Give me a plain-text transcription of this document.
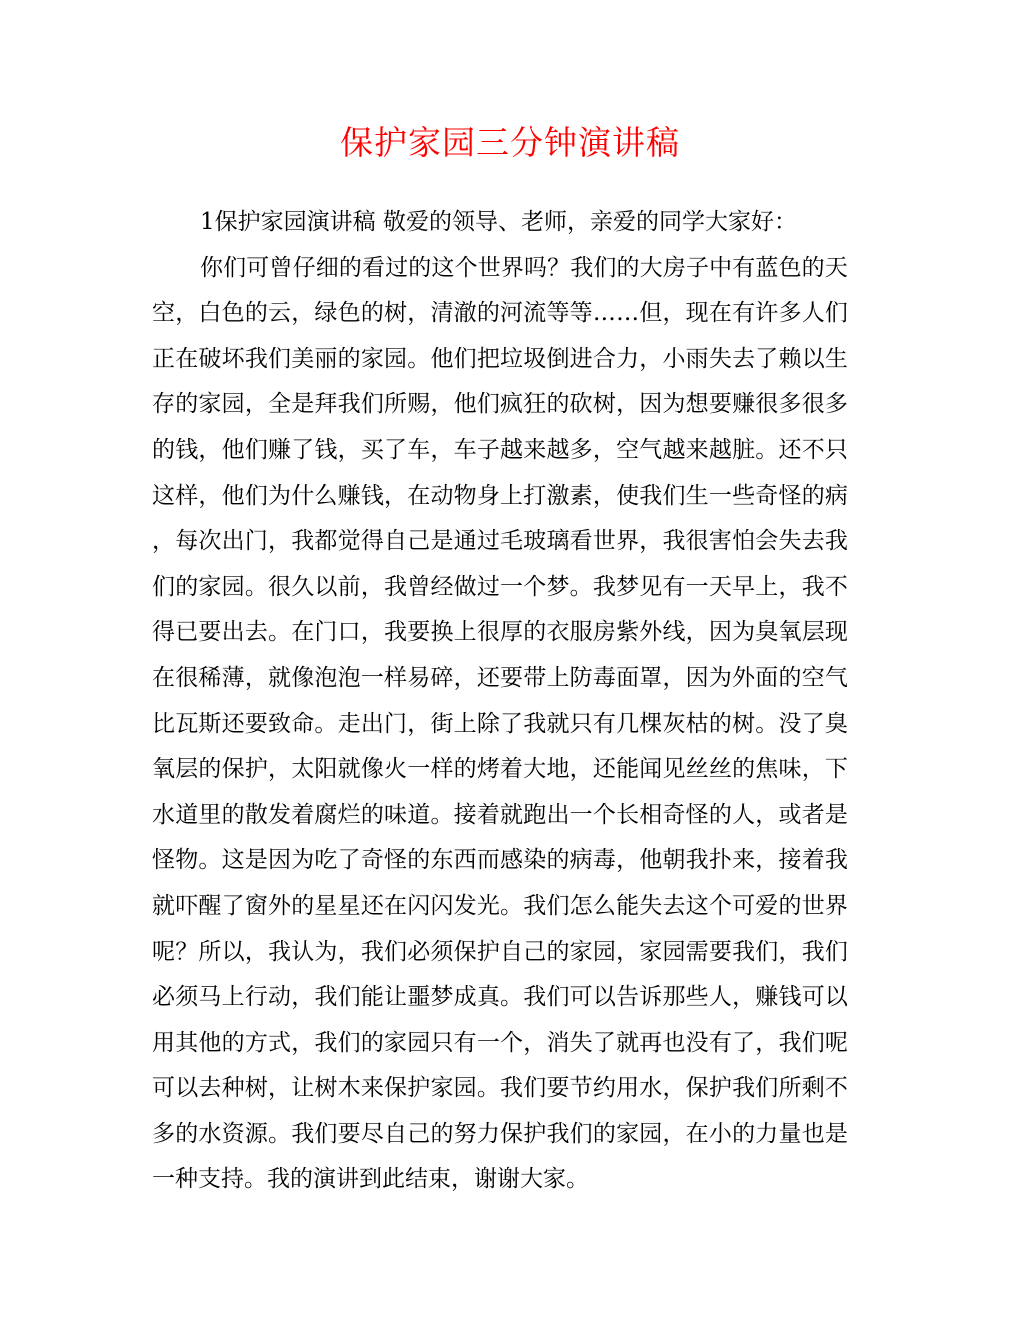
保护家园三分钟演讲稿
1保护家园演讲稿 敬爱的领导、老师，亲爱的同学大家好：
你 们 可 曾 仔 细 的 看 过 的 这 个 世 界 吗 ？ 我 们 的 大 房 子 中 有 蓝 色 的 天
空 ， 白 色 的 云 ， 绿 色 的 树 ， 清 澈 的 河 流 等 等 … … 但 ， 现 在 有 许 多 人 们
正 在 破 坏 我 们 美 丽 的 家 园 。 他 们 把 垃 圾 倒 进 合 力 ， 小 雨 失 去 了 赖 以 生
存 的 家 园 ， 全 是 拜 我 们 所 赐 ， 他 们 疯 狂 的 砍 树 ， 因 为 想 要 赚 很 多 很 多
的 钱 ， 他 们 赚 了 钱 ， 买 了 车 ， 车 子 越 来 越 多 ， 空 气 越 来 越 脏 。 还 不 只
这 样 ， 他 们 为 什 么 赚 钱 ， 在 动 物 身 上 打 激 素 ， 使 我 们 生 一 些 奇 怪 的 病
， 每 次 出 门 ， 我 都 觉 得 自 己 是 通 过 毛 玻 璃 看 世 界 ， 我 很 害 怕 会 失 去 我
们 的 家 园 。 很 久 以 前 ， 我 曾 经 做 过 一 个 梦 。 我 梦 见 有 一 天 早 上 ， 我 不
得 已 要 出 去 。 在 门 口 ， 我 要 换 上 很 厚 的 衣 服 房 紫 外 线 ， 因 为 臭 氧 层 现
在 很 稀 薄 ， 就 像 泡 泡 一 样 易 碎 ， 还 要 带 上 防 毒 面 罩 ， 因 为 外 面 的 空 气
比 瓦 斯 还 要 致 命 。 走 出 门 ， 街 上 除 了 我 就 只 有 几 棵 灰 枯 的 树 。 没 了 臭
氧 层 的 保 护 ， 太 阳 就 像 火 一 样 的 烤 着 大 地 ， 还 能 闻 见 丝 丝 的 焦 味 ， 下
水 道 里 的 散 发 着 腐 烂 的 味 道 。 接 着 就 跑 出 一 个 长 相 奇 怪 的 人 ， 或 者 是
怪 物 。 这 是 因 为 吃 了 奇 怪 的 东 西 而 感 染 的 病 毒 ， 他 朝 我 扑 来 ， 接 着 我
就 吓 醒 了 窗 外 的 星 星 还 在 闪 闪 发 光 。 我 们 怎 么 能 失 去 这 个 可 爱 的 世 界
呢 ？ 所 以 ， 我 认 为 ， 我 们 必 须 保 护 自 己 的 家 园 ， 家 园 需 要 我 们 ， 我 们
必 须 马 上 行 动 ， 我 们 能 让 噩 梦 成 真 。 我 们 可 以 告 诉 那 些 人 ， 赚 钱 可 以
用 其 他 的 方 式 ， 我 们 的 家 园 只 有 一 个 ， 消 失 了 就 再 也 没 有 了 ， 我 们 呢
可 以 去 种 树 ， 让 树 木 来 保 护 家 园 。 我 们 要 节 约 用 水 ， 保 护 我 们 所 剩 不
多 的 水 资 源 。 我 们 要 尽 自 己 的 努 力 保 护 我 们 的 家 园 ， 在 小 的 力 量 也 是
一种支持。我的演讲到此结束，谢谢大家。
